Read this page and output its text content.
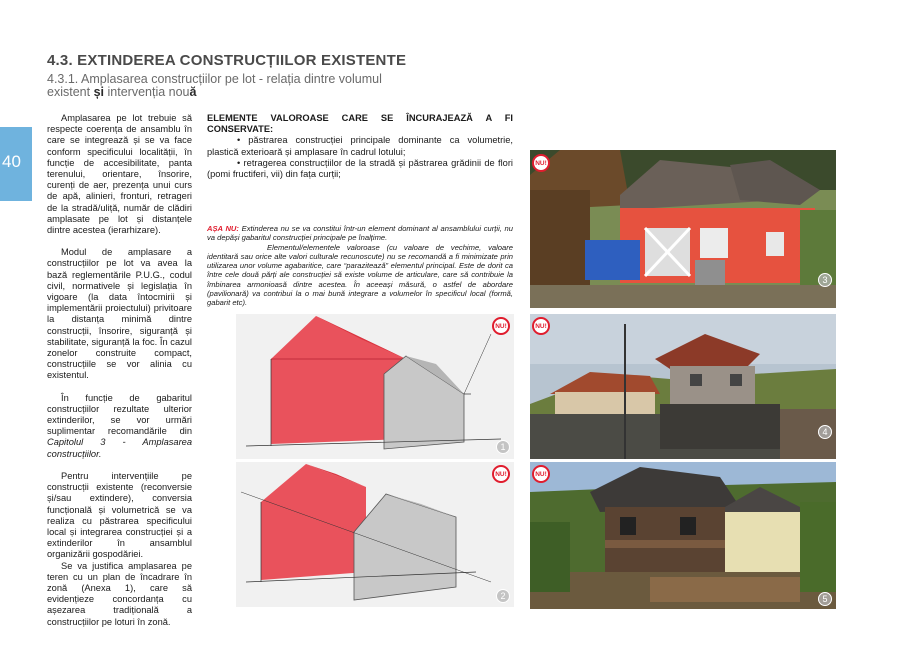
4.3. EXTINDEREA CONSTRUCȚIILOR EXISTENTE
4.3.1. Amplasarea construcțiilor pe lot - relația dintre volumul existent și intervenția nouă
40

Amplasarea pe lot trebuie să respecte coerența de ansamblu în care se integrează și se va face conform specificului localității, în funcție de accesibilitate, panta terenului, orientare, însorire, curenți de aer, prezența unui curs de apă, alinieri, fronturi, retrageri de la stradă/uliță, număr de clădiri amplasate pe lot și distanțele dintre acestea (ierarhizare).

Modul de amplasare a construcțiilor pe lot va avea la bază reglementările P.U.G., codul civil, normativele și legislația în vigoare (la data întocmirii și implementării proiectului) privitoare la distanța minimă dintre construcții, însorire, siguranță și stabilitate, siguranță la foc. În cazul zonelor construite compact, construcțiile se vor alinia cu existentul.

În funcție de gabaritul construcțiilor rezultate ulterior extinderilor, se vor urmări suplimentar recomandările din Capitolul 3 - Amplasarea construcțiilor.

Pentru intervențiile pe construcții existente (reconversie și/sau extindere), conversia funcțională și volumetrică se va realiza cu păstrarea specificului local și integrarea construcției și a extinderilor în ansamblul organizării gospodăriei.

Se va justifica amplasarea pe teren cu un plan de încadrare în zonă (Anexa 1), care să evidențieze concordanța cu așezarea tradițională a construcțiilor pe loturi în zonă.

ELEMENTE VALOROASE CARE SE ÎNCURAJEAZĂ A FI CONSERVATE:

• păstrarea construcției principale dominante ca volumetrie, plastică exterioară și amplasare în cadrul lotului;

• retragerea construcțiilor de la stradă și păstrarea grădinii de flori (pomi fructiferi, vii) din fața curții;

AȘA NU: Extinderea nu se va constitui într-un element dominant al ansamblului curții, nu va depăși gabaritul construcției principale pe înalțime.
Elementul/elementele valoroase (cu valoare de vechime, valoare identitară sau orice alte valori culturale recunoscute) nu se recomandă a fi minimizate prin utilizarea unor volume agabaritice, care “parazitează” elementul principal. Este de dorit ca între cele două părți ale construcției să existe volume de articulare, care să contribuie la îmbinarea armonioasă dintre acestea. În aceeași măsură, o astfel de abordare (pavilionară) va contribui la o mai bună integrare a volumelor în specificul local (formă, gabarit etc).

NU!
1
NU!
2
NU!
3
NU!
4
NU!
5
